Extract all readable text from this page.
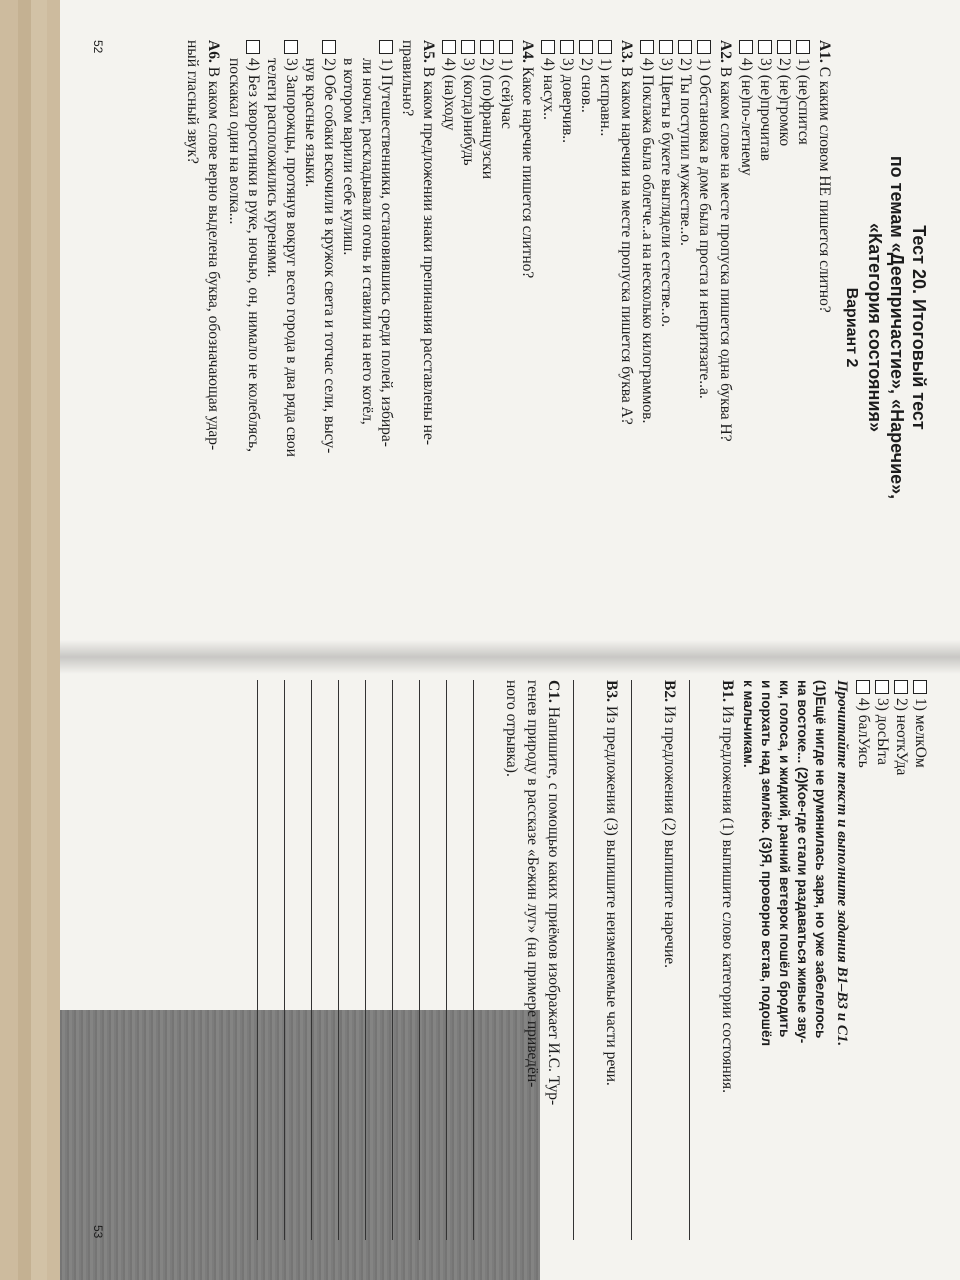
Тест 20. Итоговый тест
по темам «Деепричастие», «Наречие»,
«Категория состояния»
Вариант 2
А1. С каким словом НЕ пишется слитно?
1) (не)спится
2) (не)громко
3) (не)прочитав
4) (не)по-летнему
А2. В каком слове на месте пропуска пишется одна буква Н?
1) Обстановка в доме была проста и непритязате..а.
2) Ты поступил мужестве..о.
3) Цветы в букете выглядели естестве..о.
4) Поклажа была облегче..а на несколько килограммов.
А3. В каком наречии на месте пропуска пишется буква А?
1) исправн..
2) снов..
3) доверчив..
4) насух..
А4. Какое наречие пишется слитно?
1) (сей)час
2) (по)французски
3) (когда)нибудь
4) (на)ходу
А5. В каком предложении знаки препинания расставлены не-
правильно?
1) Путешественники, остановившись среди полей, избира-
ли ночлег, раскладывали огонь и ставили на него котёл,
в котором варили себе кулиш.
2) Обе собаки вскочили в кружок света и тотчас сели, высу-
нув красные языки.
3) Запорожцы, протянув вокруг всего города в два ряда свои
телеги расположились куренями.
4) Без хворостинки в руке, ночью, он, нимало не колеблясь,
поскакал один на волка...
А6. В каком слове верно выделена буква, обозначающая удар-
ный гласный звук?
52
1) мелкОм
2) неоткУда
3) досЫта
4) балУясь
Прочитайте текст и выполните задания В1–В3 и С1.
(1)Ещё нигде не румянилась заря, но уже забелелось
на востоке... (2)Кое-где стали раздаваться живые зву-
ки, голоса, и жидкий, ранний ветерок пошёл бродить
и порхать над землёю. (3)Я, проворно встав, подошёл
к мальчикам.
В1. Из предложения (1) выпишите слово категории состояния.
В2. Из предложения (2) выпишите наречие.
В3. Из предложения (3) выпишите неизменяемые части речи.
С1. Напишите, с помощью каких приёмов изображает И.С. Тур-
генев природу в рассказе «Бежин луг» (на примере приведён-
ного отрывка).
53
